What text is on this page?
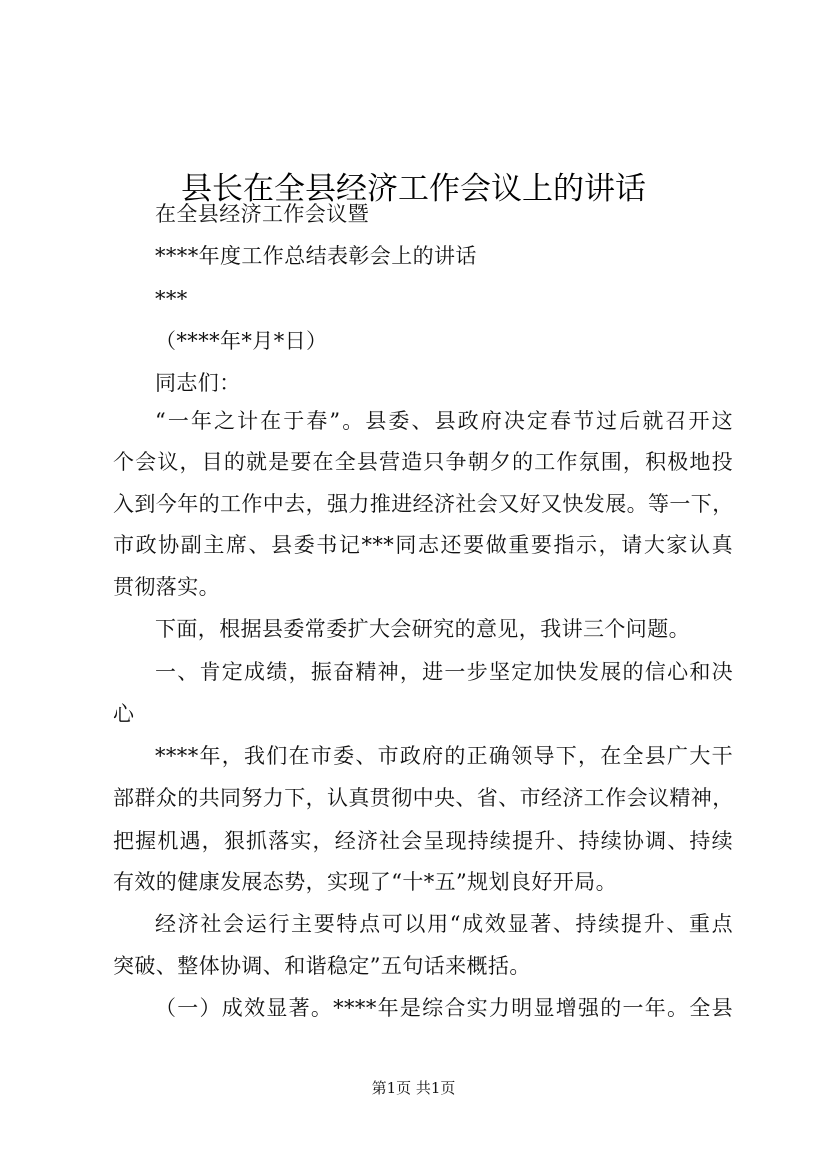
县长在全县经济工作会议上的讲话
在全县经济工作会议暨
****年度工作总结表彰会上的讲话
***
（****年*月*日）
同志们：
“一年之计在于春”。县委、县政府决定春节过后就召开这
个会议，目的就是要在全县营造只争朝夕的工作氛围，积极地投
入到今年的工作中去，强力推进经济社会又好又快发展。等一下，
市政协副主席、县委书记***同志还要做重要指示，请大家认真
贯彻落实。
下面，根据县委常委扩大会研究的意见，我讲三个问题。
一、肯定成绩，振奋精神，进一步坚定加快发展的信心和决
心
****年，我们在市委、市政府的正确领导下，在全县广大干
部群众的共同努力下，认真贯彻中央、省、市经济工作会议精神，
把握机遇，狠抓落实，经济社会呈现持续提升、持续协调、持续
有效的健康发展态势，实现了“十*五”规划良好开局。
经济社会运行主要特点可以用“成效显著、持续提升、重点
突破、整体协调、和谐稳定”五句话来概括。
（一）成效显著。****年是综合实力明显增强的一年。全县
第1页 共1页
